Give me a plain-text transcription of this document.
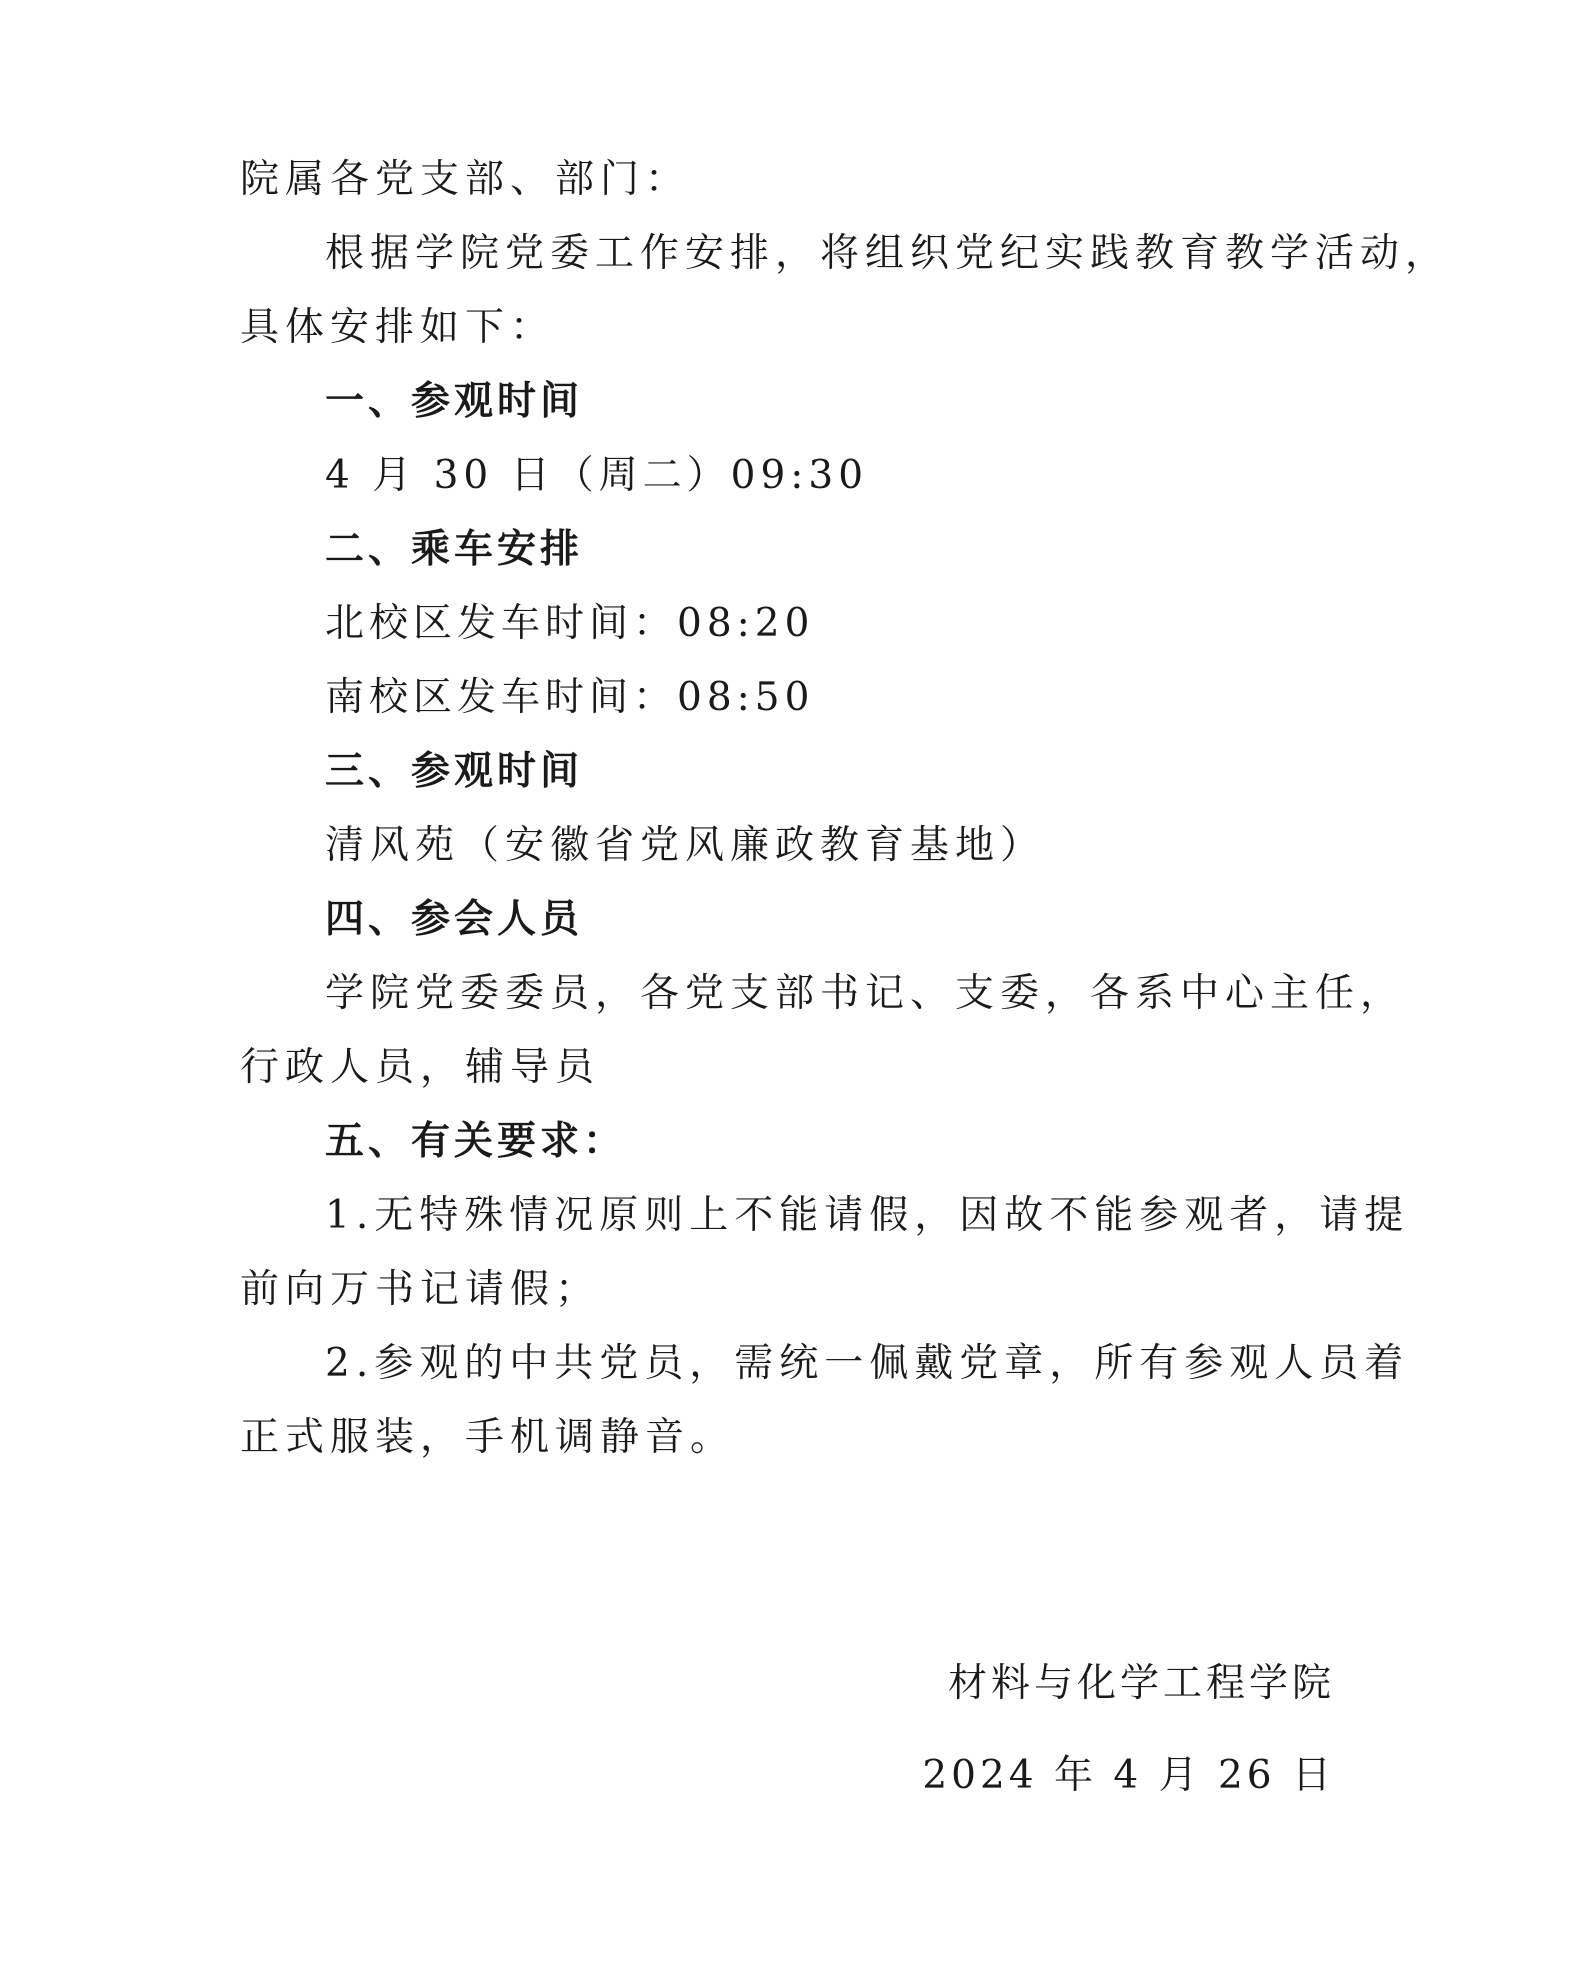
院属各党支部、部门：
根据学院党委工作安排，将组织党纪实践教育教学活动，
具体安排如下：
一、参观时间
4 月 30 日（周二）09:30
二、乘车安排
北校区发车时间：08:20
南校区发车时间：08:50
三、参观时间
清风苑（安徽省党风廉政教育基地）
四、参会人员
学院党委委员，各党支部书记、支委，各系中心主任，
行政人员，辅导员
五、有关要求：
1.无特殊情况原则上不能请假，因故不能参观者，请提
前向万书记请假；
2.参观的中共党员，需统一佩戴党章，所有参观人员着
正式服装，手机调静音。
材料与化学工程学院
2024 年 4 月 26 日
